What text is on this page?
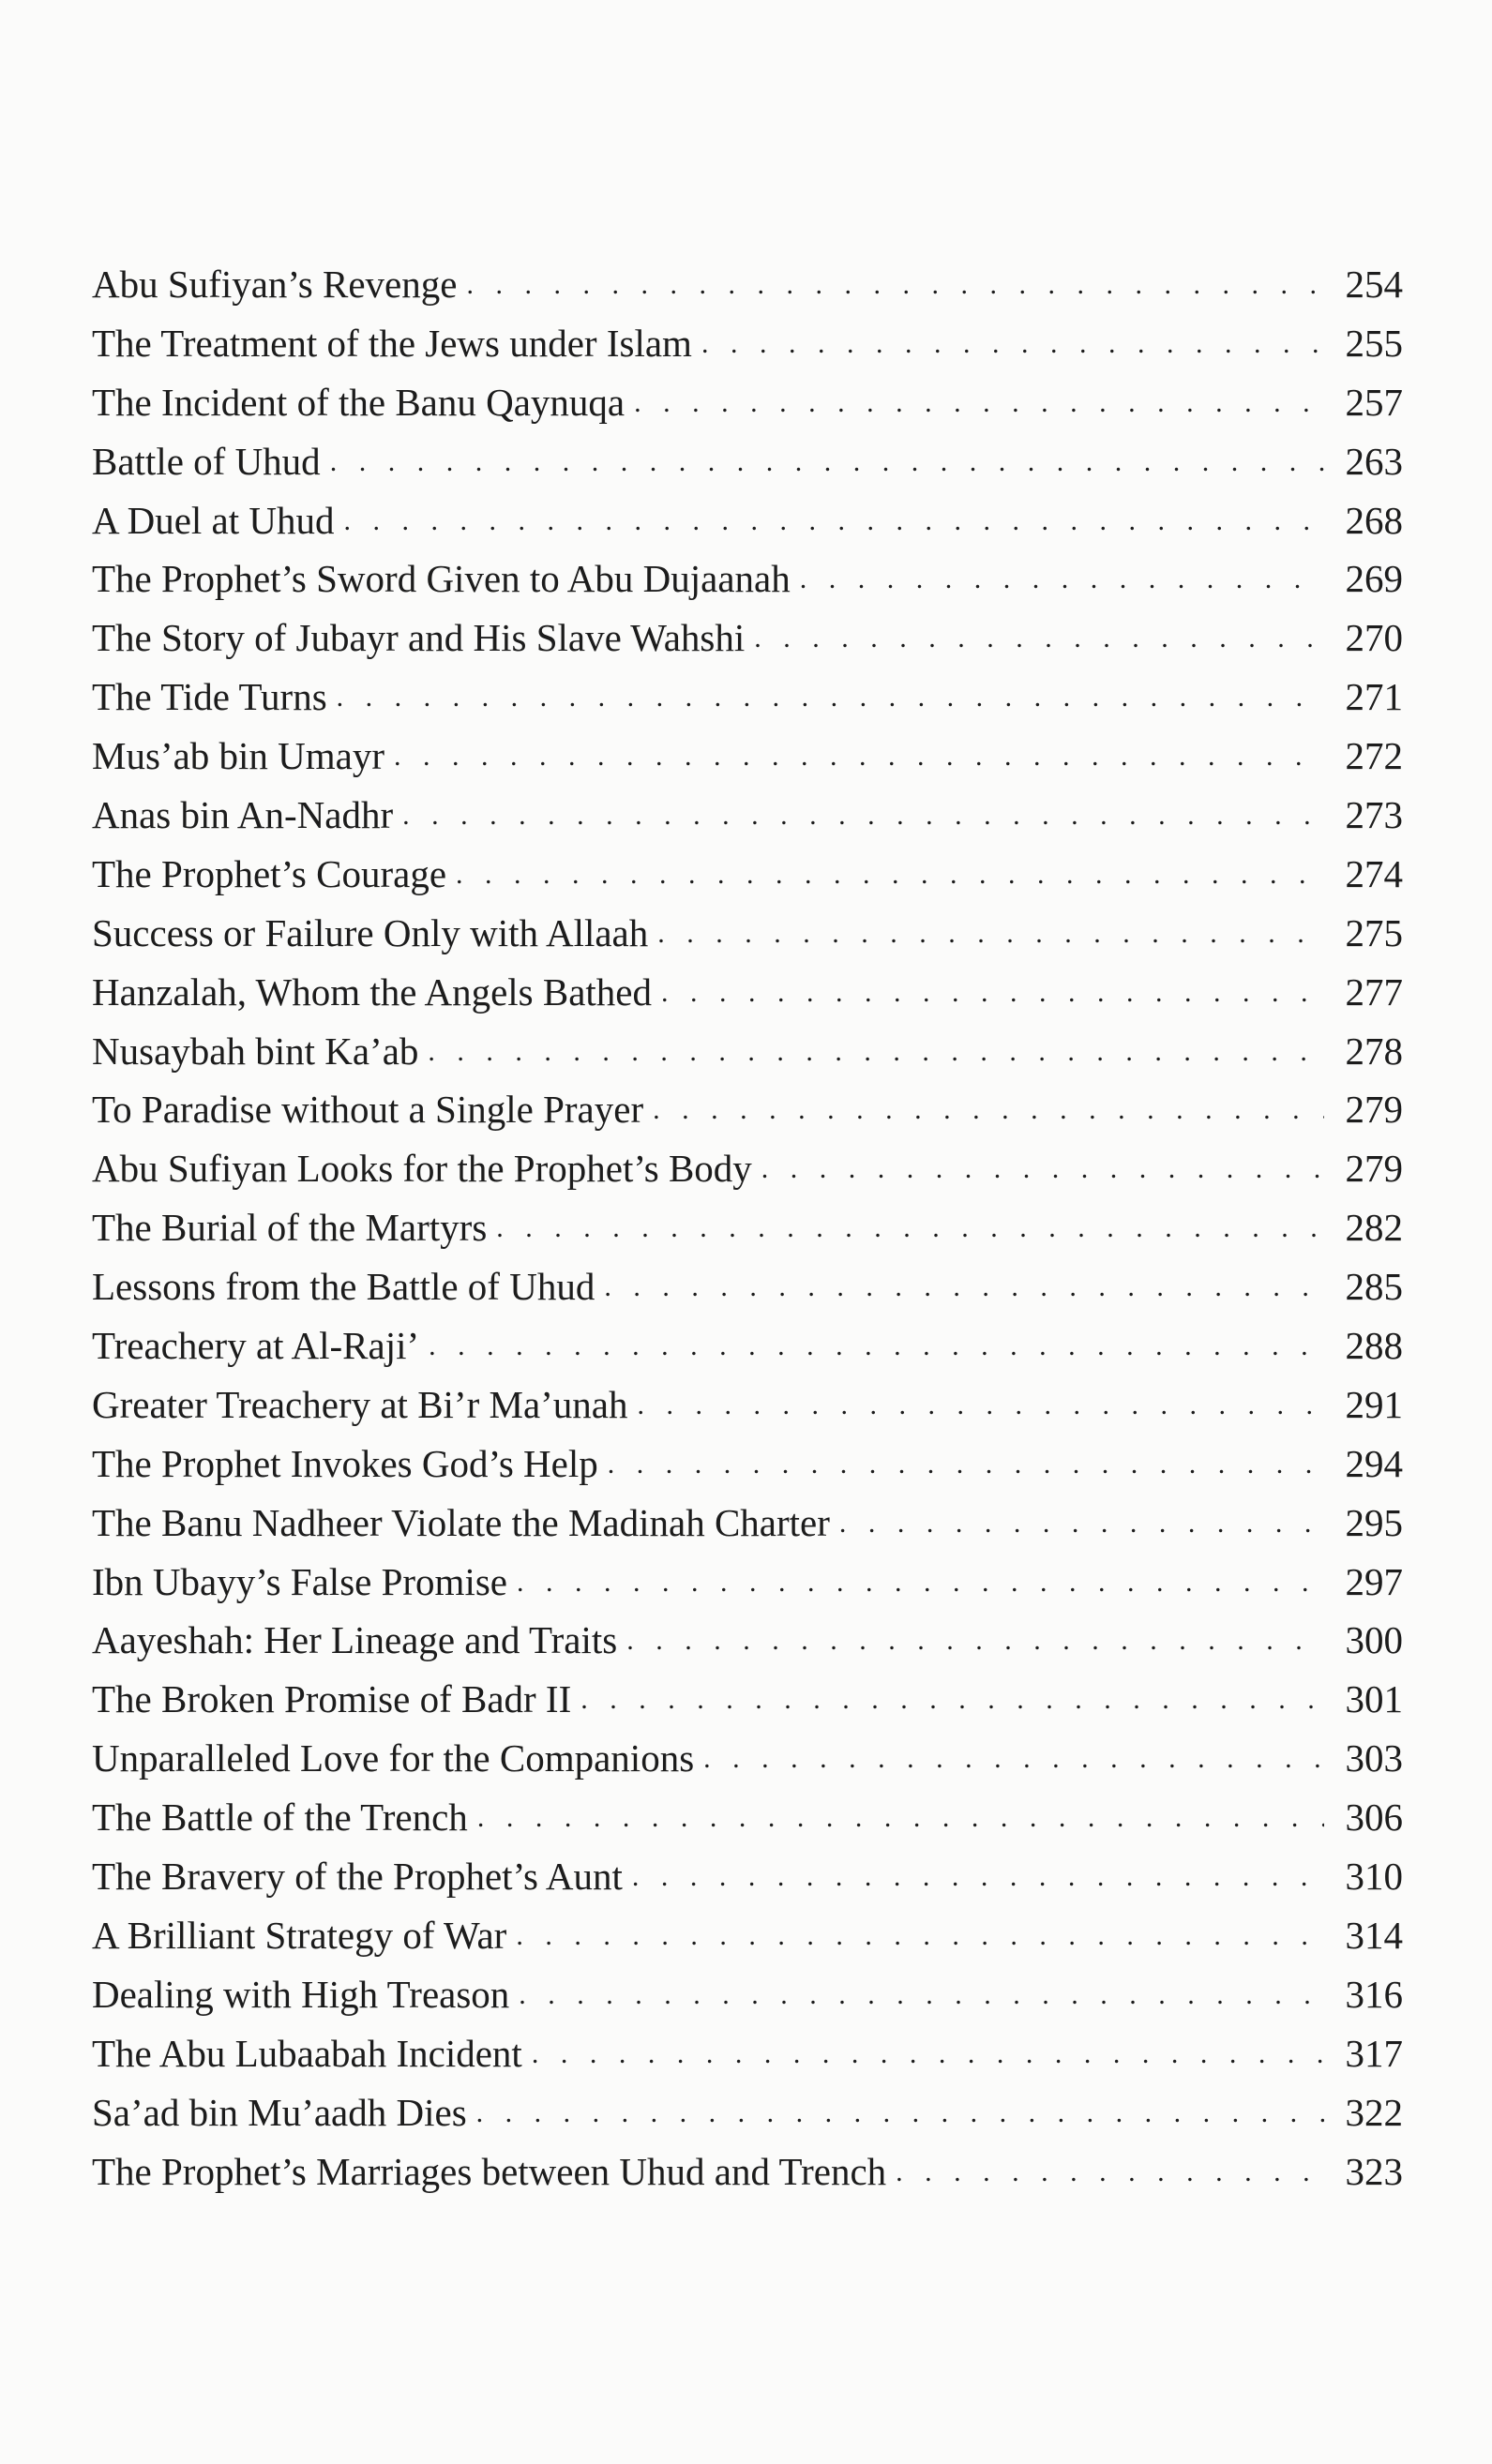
Abu Sufiyan’s Revenge . . .	254
The Treatment of the Jews under Islam . . .	255
The Incident of the Banu Qaynuqa . . .	257
Battle of Uhud . . .	263
A Duel at Uhud . . .	268
The Prophet’s Sword Given to Abu Dujaanah . . .	269
The Story of Jubayr and His Slave Wahshi . . .	270
The Tide Turns . . .	271
Mus’ab bin Umayr . . .	272
Anas bin An-Nadhr . . .	273
The Prophet’s Courage . . .	274
Success or Failure Only with Allaah . . .	275
Hanzalah, Whom the Angels Bathed . . .	277
Nusaybah bint Ka’ab . . .	278
To Paradise without a Single Prayer . . .	279
Abu Sufiyan Looks for the Prophet’s Body . . .	279
The Burial of the Martyrs . . .	282
Lessons from the Battle of Uhud . . .	285
Treachery at Al-Raji’ . . .	288
Greater Treachery at Bi’r Ma’unah . . .	291
The Prophet Invokes God’s Help . . .	294
The Banu Nadheer Violate the Madinah Charter . . .	295
Ibn Ubayy’s False Promise . . .	297
Aayeshah: Her Lineage and Traits . . .	300
The Broken Promise of Badr II . . .	301
Unparalleled Love for the Companions . . .	303
The Battle of the Trench . . .	306
The Bravery of the Prophet’s Aunt . . .	310
A Brilliant Strategy of War . . .	314
Dealing with High Treason . . .	316
The Abu Lubaabah Incident . . .	317
Sa’ad bin Mu’aadh Dies . . .	322
The Prophet’s Marriages between Uhud and Trench . . .	323
